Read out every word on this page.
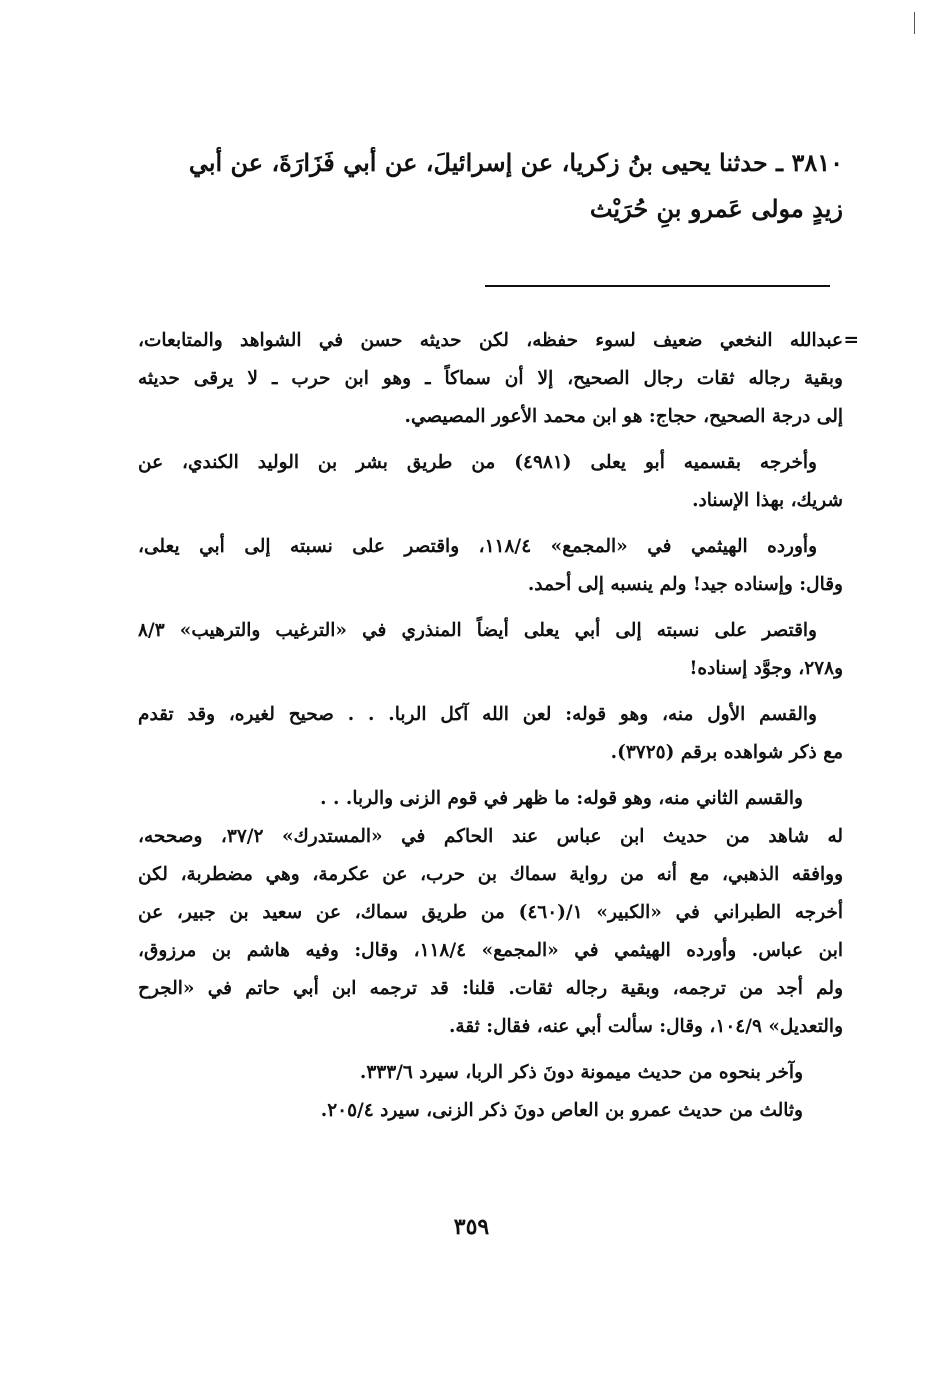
٣٨١٠ ـ حدثنا يحيى بنُ زكريا، عن إسرائيلَ، عن أبي فَزَارَةَ، عن أبي
زيدٍ مولى عَمرو بنِ حُرَيْث
=
عبدالله النخعي ضعيف لسوء حفظه، لكن حديثه حسن في الشواهد والمتابعات،
وبقية رجاله ثقات رجال الصحيح، إلا أن سماكاً ـ وهو ابن حرب ـ لا يرقى حديثه
إلى درجة الصحيح، حجاج: هو ابن محمد الأعور المصيصي.
وأخرجه بقسميه أبو يعلى (٤٩٨١) من طريق بشر بن الوليد الكندي، عن
شريك، بهذا الإسناد.
وأورده الهيثمي في «المجمع» ١١٨/٤، واقتصر على نسبته إلى أبي يعلى،
وقال: وإسناده جيد! ولم ينسبه إلى أحمد.
واقتصر على نسبته إلى أبي يعلى أيضاً المنذري في «الترغيب والترهيب» ٨/٣
و٢٧٨، وجوَّد إسناده!
والقسم الأول منه، وهو قوله: لعن الله آكل الربا. . . صحيح لغيره، وقد تقدم
مع ذكر شواهده برقم (٣٧٢٥).
والقسم الثاني منه، وهو قوله: ما ظهر في قوم الزنى والربا. . .
له شاهد من حديث ابن عباس عند الحاكم في «المستدرك» ٣٧/٢، وصححه،
ووافقه الذهبي، مع أنه من رواية سماك بن حرب، عن عكرمة، وهي مضطربة، لكن
أخرجه الطبراني في «الكبير» ١/(٤٦٠) من طريق سماك، عن سعيد بن جبير، عن
ابن عباس. وأورده الهيثمي في «المجمع» ١١٨/٤، وقال: وفيه هاشم بن مرزوق،
ولم أجد من ترجمه، وبقية رجاله ثقات. قلنا: قد ترجمه ابن أبي حاتم في «الجرح
والتعديل» ١٠٤/٩، وقال: سألت أبي عنه، فقال: ثقة.
وآخر بنحوه من حديث ميمونة دونَ ذكر الربا، سيرد ٣٣٣/٦.
وثالث من حديث عمرو بن العاص دونَ ذكر الزنى، سيرد ٢٠٥/٤.
٣٥٩
